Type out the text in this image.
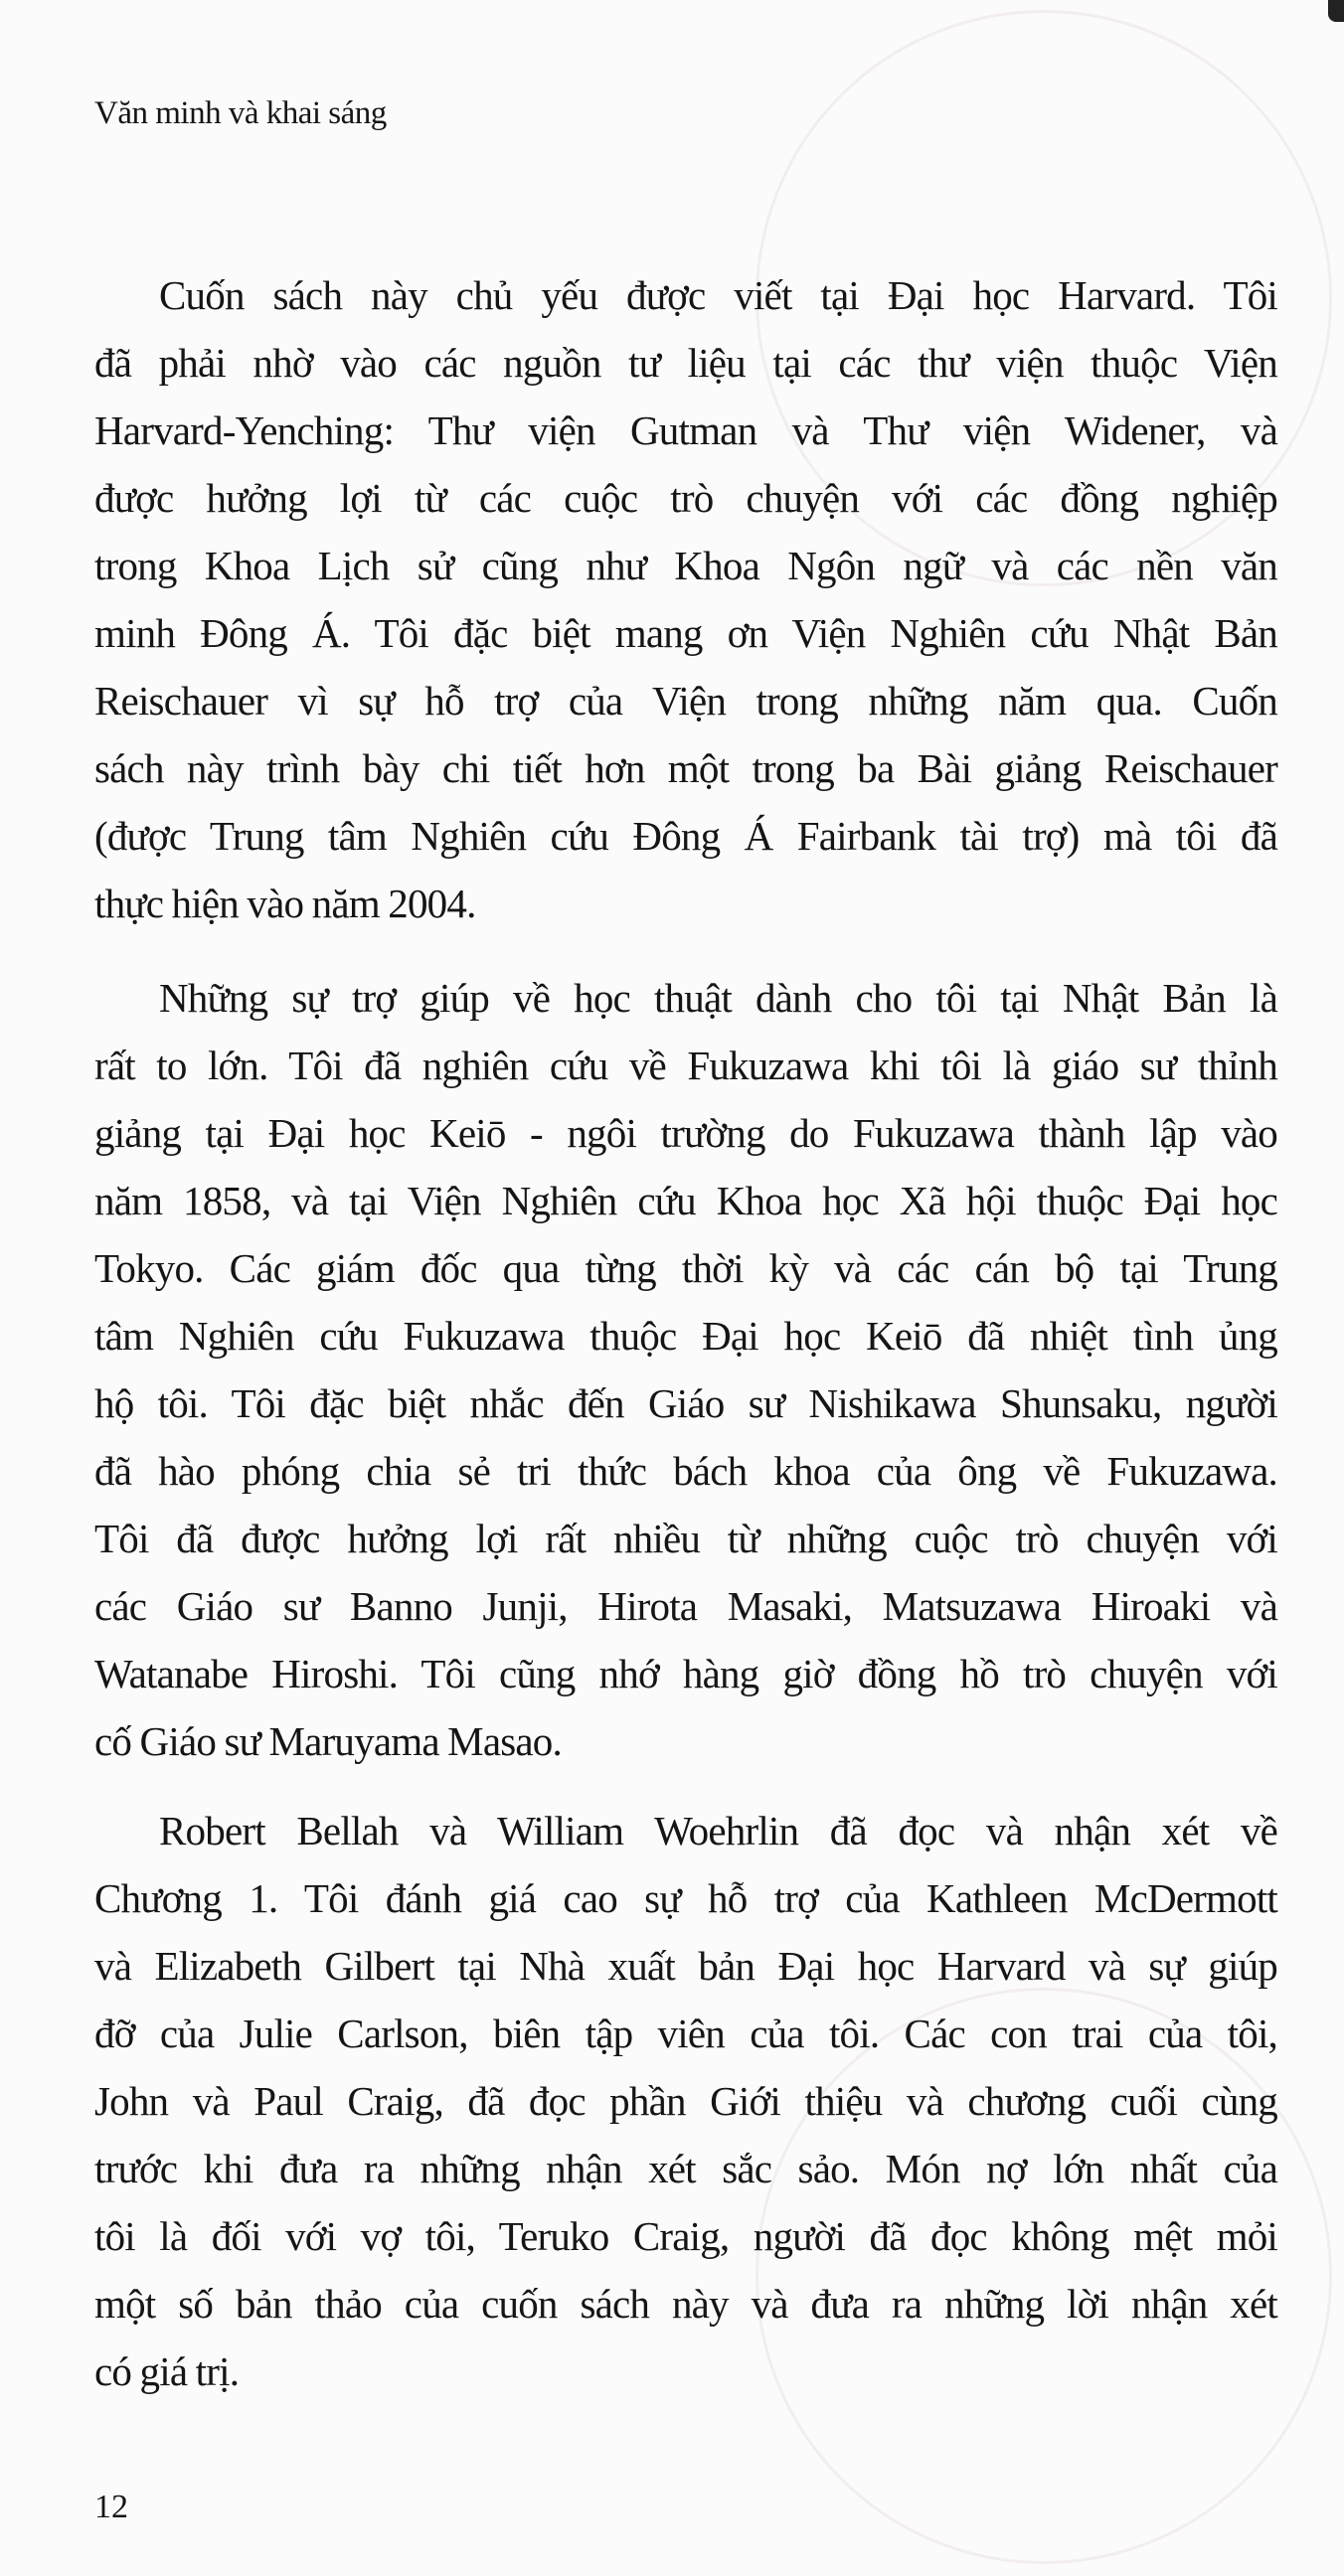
Văn minh và khai sáng
Cuốn sách này chủ yếu được viết tại Đại học Harvard. Tôi
đã phải nhờ vào các nguồn tư liệu tại các thư viện thuộc Viện
Harvard-Yenching: Thư viện Gutman và Thư viện Widener, và
được hưởng lợi từ các cuộc trò chuyện với các đồng nghiệp
trong Khoa Lịch sử cũng như Khoa Ngôn ngữ và các nền văn
minh Đông Á. Tôi đặc biệt mang ơn Viện Nghiên cứu Nhật Bản
Reischauer vì sự hỗ trợ của Viện trong những năm qua. Cuốn
sách này trình bày chi tiết hơn một trong ba Bài giảng Reischauer
(được Trung tâm Nghiên cứu Đông Á Fairbank tài trợ) mà tôi đã
thực hiện vào năm 2004.
Những sự trợ giúp về học thuật dành cho tôi tại Nhật Bản là
rất to lớn. Tôi đã nghiên cứu về Fukuzawa khi tôi là giáo sư thỉnh
giảng tại Đại học Keiō - ngôi trường do Fukuzawa thành lập vào
năm 1858, và tại Viện Nghiên cứu Khoa học Xã hội thuộc Đại học
Tokyo. Các giám đốc qua từng thời kỳ và các cán bộ tại Trung
tâm Nghiên cứu Fukuzawa thuộc Đại học Keiō đã nhiệt tình ủng
hộ tôi. Tôi đặc biệt nhắc đến Giáo sư Nishikawa Shunsaku, người
đã hào phóng chia sẻ tri thức bách khoa của ông về Fukuzawa.
Tôi đã được hưởng lợi rất nhiều từ những cuộc trò chuyện với
các Giáo sư Banno Junji, Hirota Masaki, Matsuzawa Hiroaki và
Watanabe Hiroshi. Tôi cũng nhớ hàng giờ đồng hồ trò chuyện với
cố Giáo sư Maruyama Masao.
Robert Bellah và William Woehrlin đã đọc và nhận xét về
Chương 1. Tôi đánh giá cao sự hỗ trợ của Kathleen McDermott
và Elizabeth Gilbert tại Nhà xuất bản Đại học Harvard và sự giúp
đỡ của Julie Carlson, biên tập viên của tôi. Các con trai của tôi,
John và Paul Craig, đã đọc phần Giới thiệu và chương cuối cùng
trước khi đưa ra những nhận xét sắc sảo. Món nợ lớn nhất của
tôi là đối với vợ tôi, Teruko Craig, người đã đọc không mệt mỏi
một số bản thảo của cuốn sách này và đưa ra những lời nhận xét
có giá trị.
12
